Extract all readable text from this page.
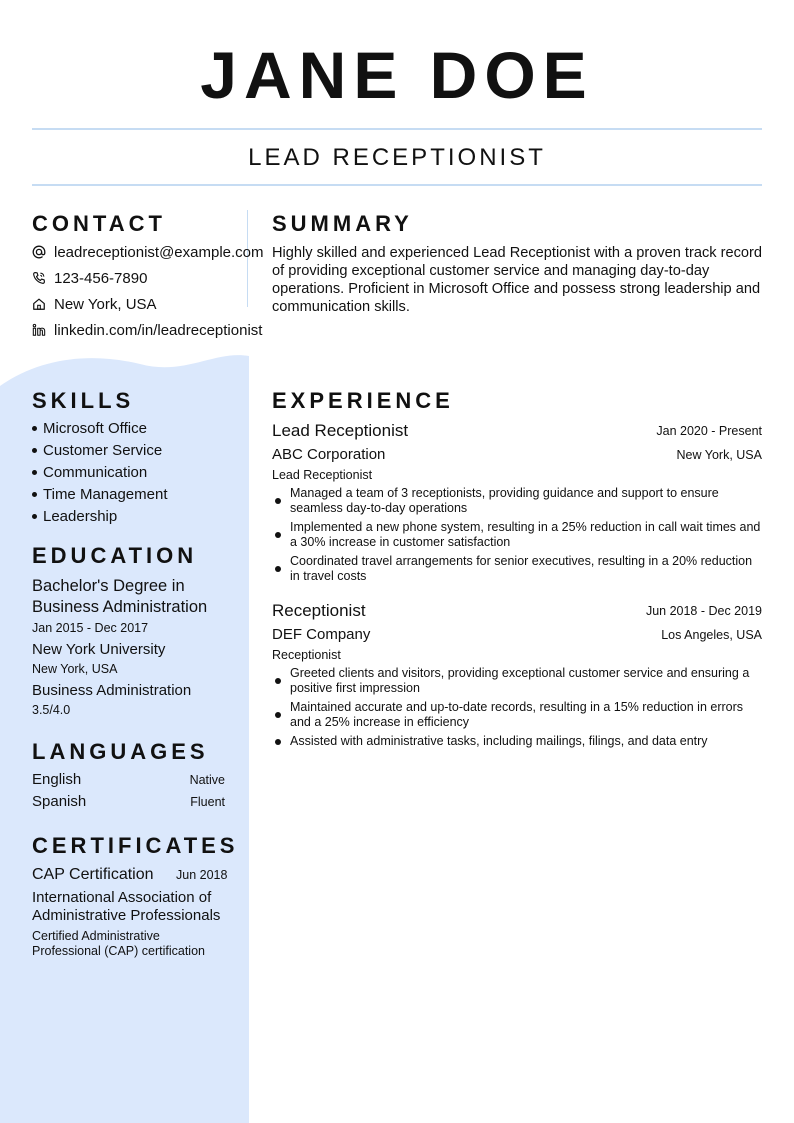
JANE DOE
LEAD RECEPTIONIST
CONTACT
leadreceptionist@example.com
123-456-7890
New York, USA
linkedin.com/in/leadreceptionist
SUMMARY
Highly skilled and experienced Lead Receptionist with a proven track record of providing exceptional customer service and managing day-to-day operations. Proficient in Microsoft Office and possess strong leadership and communication skills.
SKILLS
Microsoft Office
Customer Service
Communication
Time Management
Leadership
EDUCATION
Bachelor's Degree in Business Administration
Jan 2015 - Dec 2017
New York University
New York, USA
Business Administration
3.5/4.0
LANGUAGES
English	Native
Spanish	Fluent
CERTIFICATES
CAP Certification Jun 2018
International Association of Administrative Professionals
Certified Administrative Professional (CAP) certification
EXPERIENCE
Lead Receptionist	Jan 2020 - Present
ABC Corporation	New York, USA
Lead Receptionist
Managed a team of 3 receptionists, providing guidance and support to ensure seamless day-to-day operations
Implemented a new phone system, resulting in a 25% reduction in call wait times and a 30% increase in customer satisfaction
Coordinated travel arrangements for senior executives, resulting in a 20% reduction in travel costs
Receptionist	Jun 2018 - Dec 2019
DEF Company	Los Angeles, USA
Receptionist
Greeted clients and visitors, providing exceptional customer service and ensuring a positive first impression
Maintained accurate and up-to-date records, resulting in a 15% reduction in errors and a 25% increase in efficiency
Assisted with administrative tasks, including mailings, filings, and data entry
